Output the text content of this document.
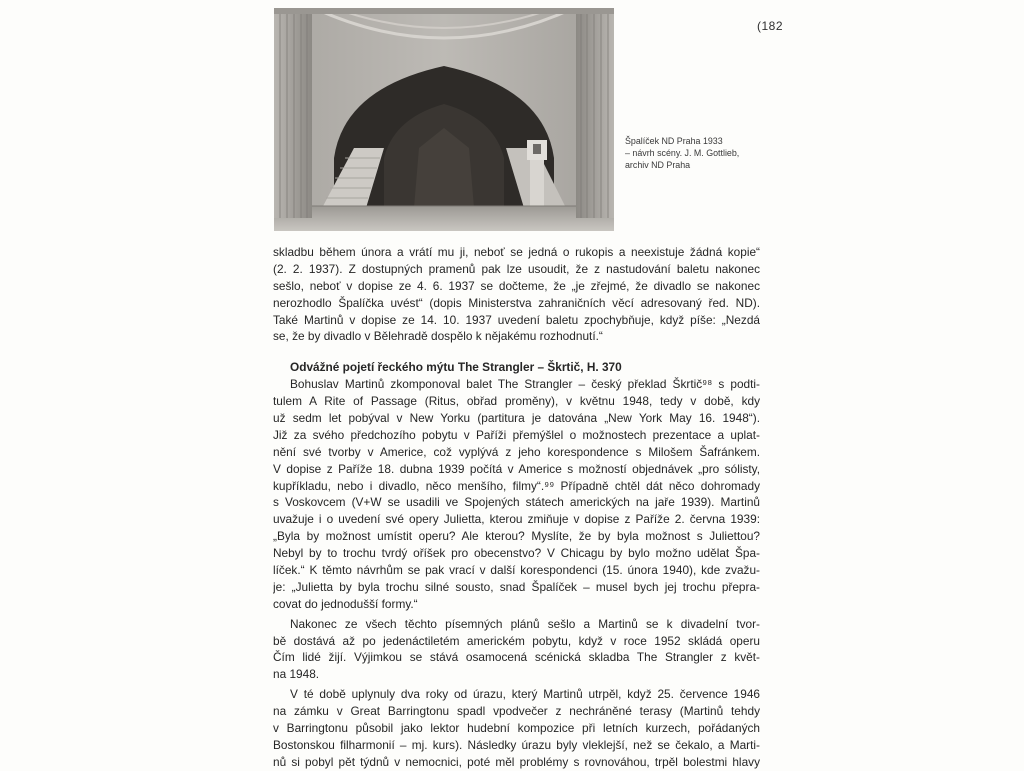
(182
Špalíček ND Praha 1933
– návrh scény. J. M. Gottlieb,
archiv ND Praha
skladbu během února a vrátí mu ji, neboť se jedná o rukopis a neexistuje žádná kopie“
(2. 2. 1937). Z dostupných pramenů pak lze usoudit, že z nastudování baletu nakonec
sešlo, neboť v dopise ze 4. 6. 1937 se dočteme, že „je zřejmé, že divadlo se nakonec
nerozhodlo Špalíčka uvést“ (dopis Ministerstva zahraničních věcí adresovaný řed. ND).
Také Martinů v dopise ze 14. 10. 1937 uvedení baletu zpochybňuje, když píše: „Nezdá
se, že by divadlo v Bělehradě dospělo k nějakému rozhodnutí.“
Odvážné pojetí řeckého mýtu The Strangler – Škrtič, H. 370
Bohuslav Martinů zkomponoval balet The Strangler – český překlad Škrtič⁹⁸ s podti-
tulem A Rite of Passage (Ritus, obřad proměny), v květnu 1948, tedy v době, kdy
už sedm let pobýval v New Yorku (partitura je datována „New York May 16. 1948“).
Již za svého předchozího pobytu v Paříži přemýšlel o možnostech prezentace a uplat-
nění své tvorby v Americe, což vyplývá z jeho korespondence s Milošem Šafránkem.
V dopise z Paříže 18. dubna 1939 počítá v Americe s možností objednávek „pro sólisty,
kupříkladu, nebo i divadlo, něco menšího, filmy“.⁹⁹ Případně chtěl dát něco dohromady
s Voskovcem (V+W se usadili ve Spojených státech amerických na jaře 1939). Martinů
uvažuje i o uvedení své opery Julietta, kterou zmiňuje v dopise z Paříže 2. června 1939:
„Byla by možnost umístit operu? Ale kterou? Myslíte, že by byla možnost s Juliettou?
Nebyl by to trochu tvrdý oříšek pro obecenstvo? V Chicagu by bylo možno udělat Špa-
líček.“ K těmto návrhům se pak vrací v další korespondenci (15. února 1940), kde zvažu-
je: „Julietta by byla trochu silné sousto, snad Špalíček – musel bych jej trochu přepra-
covat do jednodušší formy.“
Nakonec ze všech těchto písemných plánů sešlo a Martinů se k divadelní tvor-
bě dostává až po jedenáctiletém americkém pobytu, když v roce 1952 skládá operu
Čím lidé žijí. Výjimkou se stává osamocená scénická skladba The Strangler z květ-
na 1948.
V té době uplynuly dva roky od úrazu, který Martinů utrpěl, když 25. července 1946
na zámku v Great Barringtonu spadl vpodvečer z nechráněné terasy (Martinů tehdy
v Barringtonu působil jako lektor hudební kompozice při letních kurzech, pořádaných
Bostonskou filharmonií – mj. kurs). Následky úrazu byly vleklejší, než se čekalo, a Marti-
nů si pobyl pět týdnů v nemocnici, poté měl problémy s rovnováhou, trpěl bolestmi hlavy
